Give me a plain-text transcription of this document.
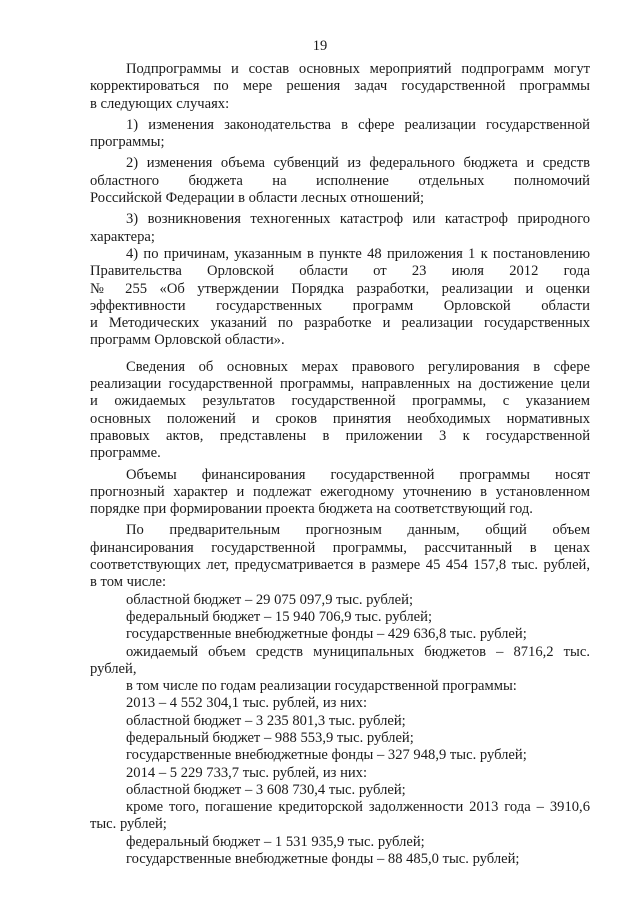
19
Подпрограммы и состав основных мероприятий подпрограмм могут
корректироваться по мере решения задач государственной программы
в следующих случаях:
1) изменения законодательства в сфере реализации государственной
программы;
2) изменения объема субвенций из федерального бюджета и средств
областного бюджета на исполнение отдельных полномочий
Российской Федерации в области лесных отношений;
3) возникновения техногенных катастроф или катастроф природного
характера;
4) по причинам, указанным в пункте 48 приложения 1 к постановлению
Правительства Орловской области от 23 июля 2012 года
№ 255 «Об утверждении Порядка разработки, реализации и оценки
эффективности государственных программ Орловской области
и Методических указаний по разработке и реализации государственных
программ Орловской области».
Сведения об основных мерах правового регулирования в сфере
реализации государственной программы, направленных на достижение цели
и ожидаемых результатов государственной программы, с указанием
основных положений и сроков принятия необходимых нормативных
правовых актов, представлены в приложении 3 к государственной
программе.
Объемы финансирования государственной программы носят
прогнозный характер и подлежат ежегодному уточнению в установленном
порядке при формировании проекта бюджета на соответствующий год.
По предварительным прогнозным данным, общий объем
финансирования государственной программы, рассчитанный в ценах
соответствующих лет, предусматривается в размере 45 454 157,8 тыс. рублей,
в том числе:
областной бюджет – 29 075 097,9 тыс. рублей;
федеральный бюджет – 15 940 706,9 тыс. рублей;
государственные внебюджетные фонды – 429 636,8 тыс. рублей;
ожидаемый объем средств муниципальных бюджетов – 8716,2 тыс.
рублей,
в том числе по годам реализации государственной программы:
2013 – 4 552 304,1 тыс. рублей, из них:
областной бюджет – 3 235 801,3 тыс. рублей;
федеральный бюджет – 988 553,9 тыс. рублей;
государственные внебюджетные фонды – 327 948,9 тыс. рублей;
2014 – 5 229 733,7 тыс. рублей, из них:
областной бюджет – 3 608 730,4 тыс. рублей;
кроме того, погашение кредиторской задолженности 2013 года – 3910,6
тыс. рублей;
федеральный бюджет – 1 531 935,9 тыс. рублей;
государственные внебюджетные фонды – 88 485,0 тыс. рублей;
